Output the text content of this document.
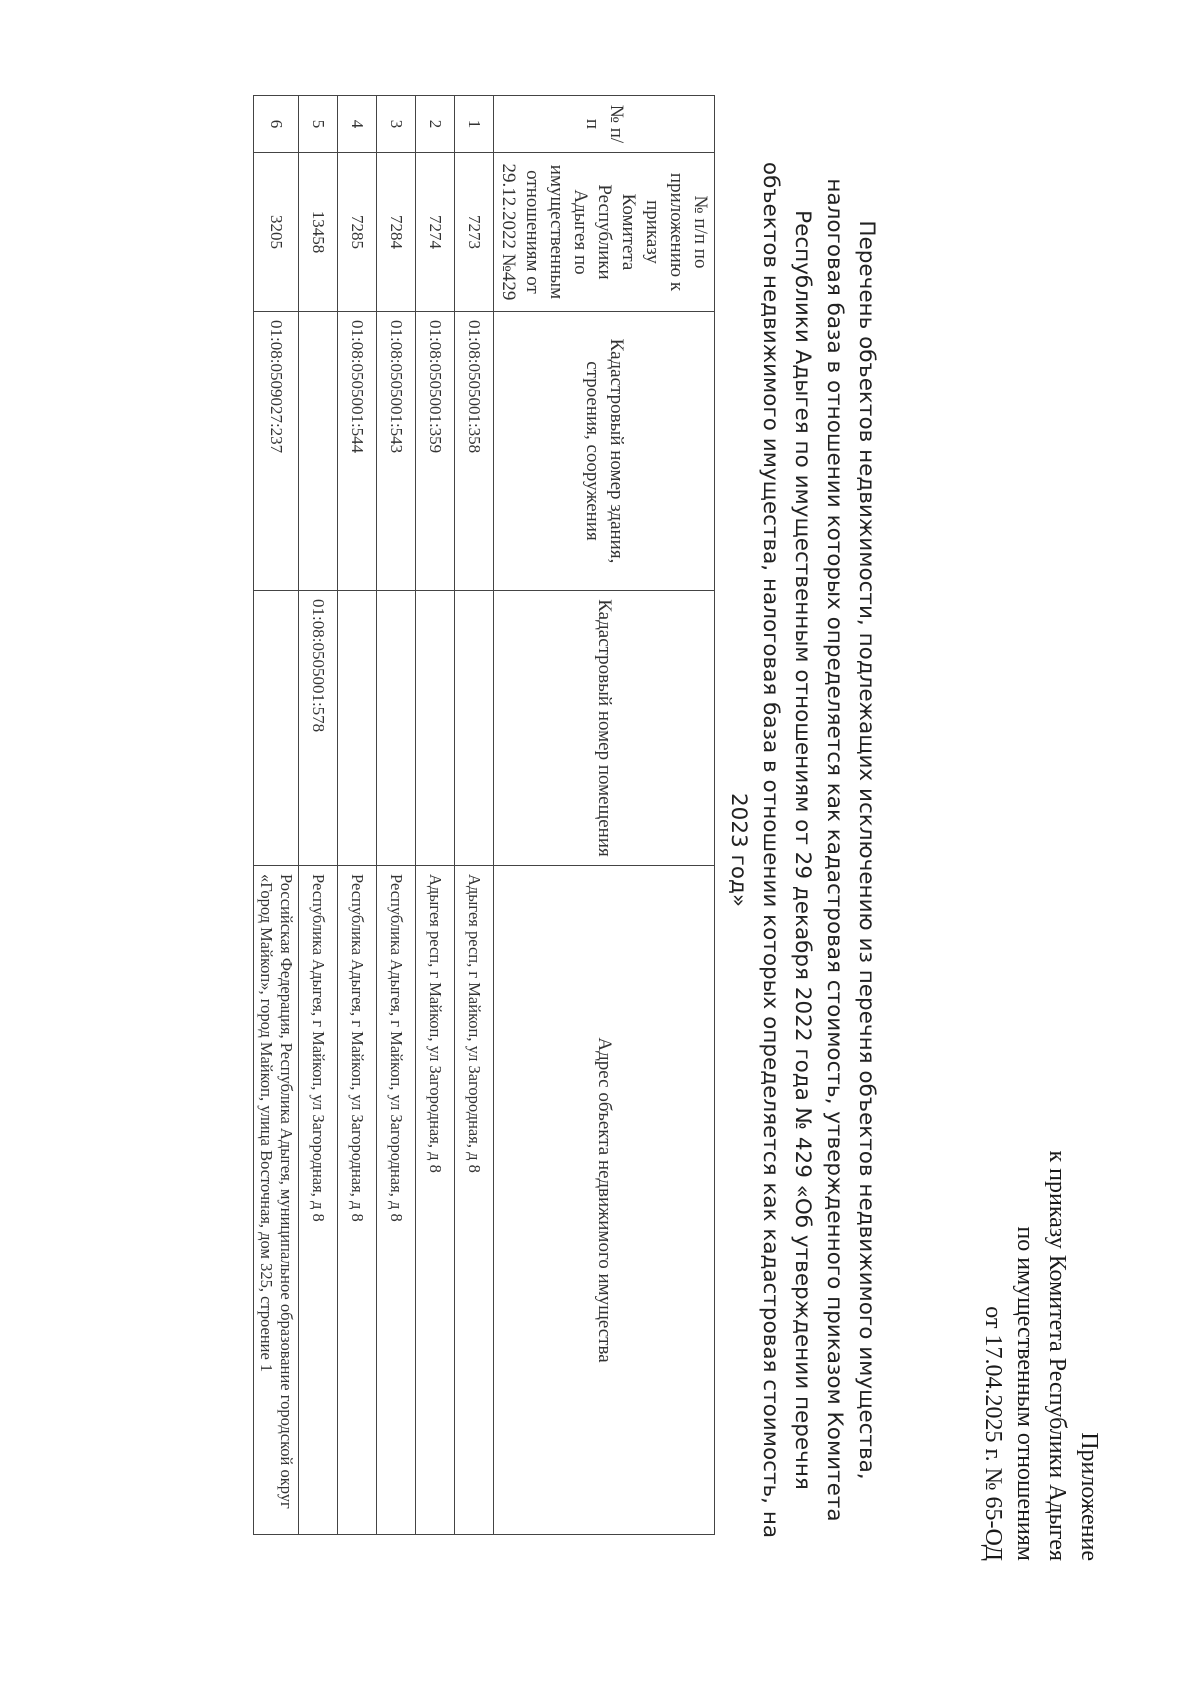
Приложение
к приказу Комитета Республики Адыгея
по имущественным отношениям
от 17.04.2025 г. № 65-ОД
Перечень объектов недвижимости, подлежащих исключению из перечня объектов недвижимого имущества,
налоговая база в отношении которых определяется как кадастровая стоимость, утвержденного приказом Комитета
Республики Адыгея по имущественным отношениям от 29 декабря 2022 года № 429 «Об утверждении перечня
объектов недвижимого имущества, налоговая база в отношении которых определяется как кадастровая стоимость, на
2023 год»
№ п/п	№ п/п по приложению к приказу Комитета Республики Адыгея по имущественным отношениям от 29.12.2022 №429	Кадастровый номер здания, строения, сооружения	Кадастровый номер помещения	Адрес объекта недвижимого имущества
1	7273	01:08:0505001:358		Адыгея респ, г Майкоп, ул Загородная, д 8
2	7274	01:08:0505001:359		Адыгея респ, г Майкоп, ул Загородная, д 8
3	7284	01:08:0505001:543		Республика Адыгея, г Майкоп, ул Загородная, д 8
4	7285	01:08:0505001:544		Республика Адыгея, г Майкоп, ул Загородная, д 8
5	13458		01:08:0505001:578	Республика Адыгея, г Майкоп, ул Загородная, д 8
6	3205	01:08:0509027:237		Российская Федерация, Республика Адыгея, муниципальное образование городской округ «Город Майкоп», город Майкоп, улица Восточная, дом 325, строение 1
